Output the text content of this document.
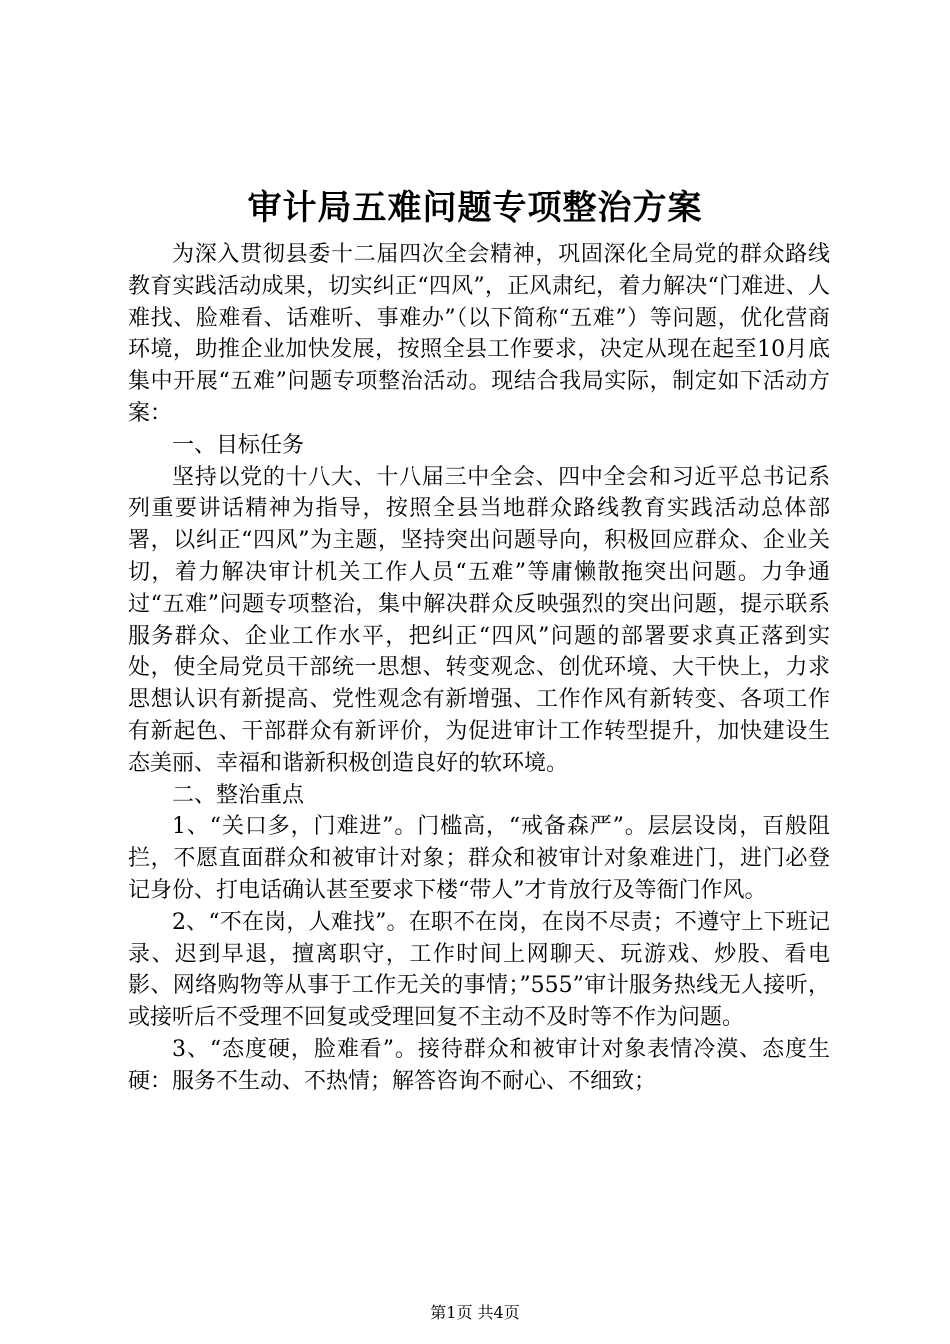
审计局五难问题专项整治方案

为深入贯彻县委十二届四次全会精神，巩固深化全局党的群众路线教育实践活动成果，切实纠正“四风”，正风肃纪，着力解决“门难进、人难找、脸难看、话难听、事难办”（以下简称“五难”）等问题，优化营商环境，助推企业加快发展，按照全县工作要求，决定从现在起至10月底集中开展“五难”问题专项整治活动。现结合我局实际，制定如下活动方案：

一、目标任务

坚持以党的十八大、十八届三中全会、四中全会和习近平总书记系列重要讲话精神为指导，按照全县当地群众路线教育实践活动总体部署，以纠正“四风”为主题，坚持突出问题导向，积极回应群众、企业关切，着力解决审计机关工作人员“五难”等庸懒散拖突出问题。力争通过“五难”问题专项整治，集中解决群众反映强烈的突出问题，提示联系服务群众、企业工作水平，把纠正“四风”问题的部署要求真正落到实处，使全局党员干部统一思想、转变观念、创优环境、大干快上，力求思想认识有新提高、党性观念有新增强、工作作风有新转变、各项工作有新起色、干部群众有新评价，为促进审计工作转型提升，加快建设生态美丽、幸福和谐新积极创造良好的软环境。

二、整治重点

1、“关口多，门难进”。门槛高，“戒备森严”。层层设岗，百般阻拦，不愿直面群众和被审计对象；群众和被审计对象难进门，进门必登记身份、打电话确认甚至要求下楼“带人”才肯放行及等衙门作风。

2、“不在岗，人难找”。在职不在岗，在岗不尽责；不遵守上下班记录、迟到早退，擅离职守，工作时间上网聊天、玩游戏、炒股、看电影、网络购物等从事于工作无关的事情；”555”审计服务热线无人接听，或接听后不受理不回复或受理回复不主动不及时等不作为问题。

3、“态度硬，脸难看”。接待群众和被审计对象表情冷漠、态度生硬：服务不生动、不热情；解答咨询不耐心、不细致；

第1页 共4页
